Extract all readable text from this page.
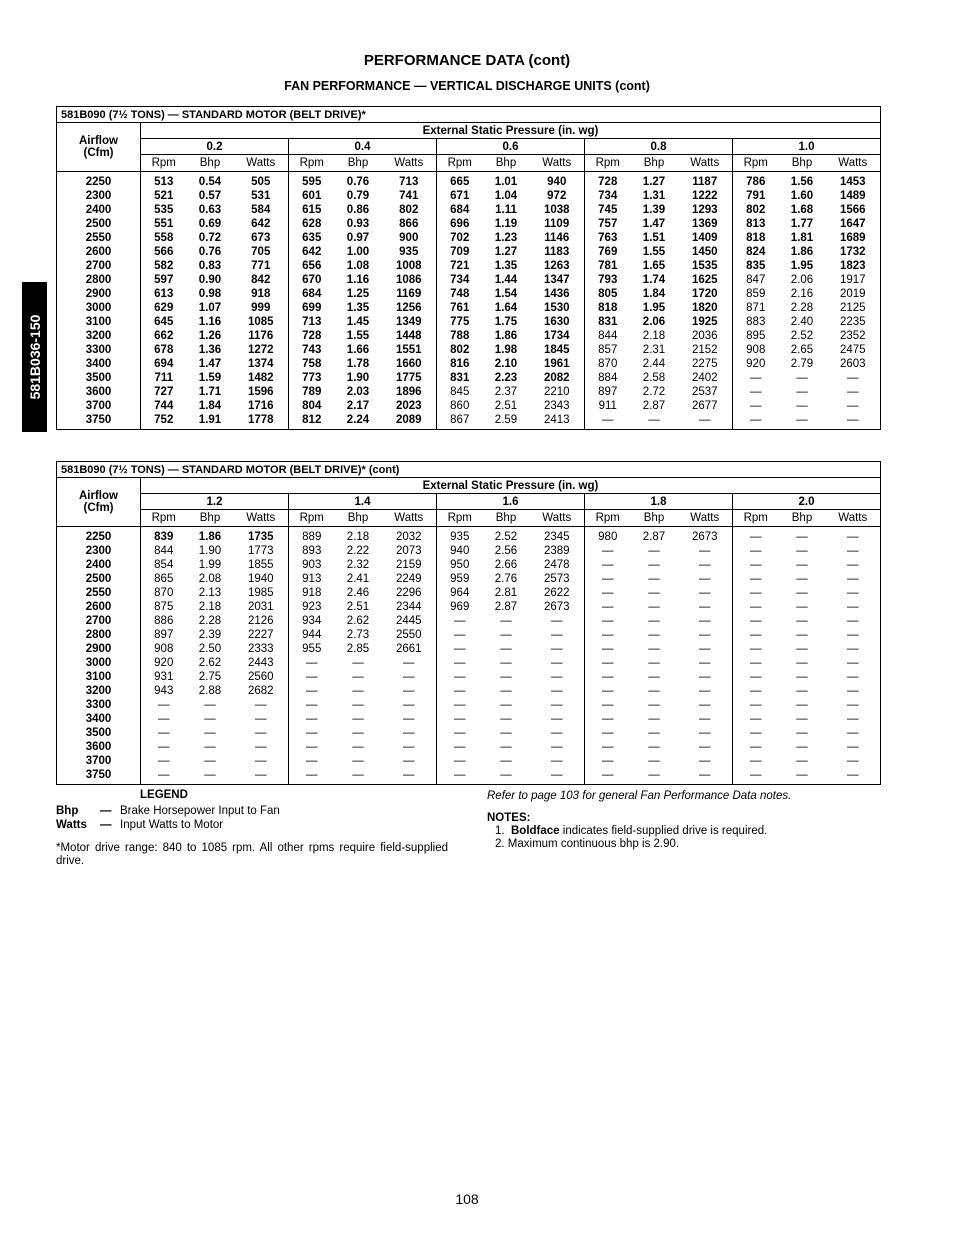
PERFORMANCE DATA (cont)
FAN PERFORMANCE — VERTICAL DISCHARGE UNITS (cont)
581B036-150
581B090 (7½ TONS) — STANDARD MOTOR (BELT DRIVE)*															

Airflow
(Cfm)	External Static Pressure (in. wg)														
	0.2			0.4			0.6			0.8			1.0		
	Rpm	Bhp	Watts	Rpm	Bhp	Watts	Rpm	Bhp	Watts	Rpm	Bhp	Watts	Rpm	Bhp	Watts
2250	513	0.54	505	595	0.76	713	665	1.01	940	728	1.27	1187	786	1.56	1453
2300	521	0.57	531	601	0.79	741	671	1.04	972	734	1.31	1222	791	1.60	1489
2400	535	0.63	584	615	0.86	802	684	1.11	1038	745	1.39	1293	802	1.68	1566
2500	551	0.69	642	628	0.93	866	696	1.19	1109	757	1.47	1369	813	1.77	1647
2550	558	0.72	673	635	0.97	900	702	1.23	1146	763	1.51	1409	818	1.81	1689
2600	566	0.76	705	642	1.00	935	709	1.27	1183	769	1.55	1450	824	1.86	1732
2700	582	0.83	771	656	1.08	1008	721	1.35	1263	781	1.65	1535	835	1.95	1823
2800	597	0.90	842	670	1.16	1086	734	1.44	1347	793	1.74	1625	847	2.06	1917
2900	613	0.98	918	684	1.25	1169	748	1.54	1436	805	1.84	1720	859	2.16	2019
3000	629	1.07	999	699	1.35	1256	761	1.64	1530	818	1.95	1820	871	2.28	2125
3100	645	1.16	1085	713	1.45	1349	775	1.75	1630	831	2.06	1925	883	2.40	2235
3200	662	1.26	1176	728	1.55	1448	788	1.86	1734	844	2.18	2036	895	2.52	2352
3300	678	1.36	1272	743	1.66	1551	802	1.98	1845	857	2.31	2152	908	2.65	2475
3400	694	1.47	1374	758	1.78	1660	816	2.10	1961	870	2.44	2275	920	2.79	2603
3500	711	1.59	1482	773	1.90	1775	831	2.23	2082	884	2.58	2402	—	—	—
3600	727	1.71	1596	789	2.03	1896	845	2.37	2210	897	2.72	2537	—	—	—
3700	744	1.84	1716	804	2.17	2023	860	2.51	2343	911	2.87	2677	—	—	—
3750	752	1.91	1778	812	2.24	2089	867	2.59	2413	—	—	—	—	—	—
581B090 (7½ TONS) — STANDARD MOTOR (BELT DRIVE)* (cont)															

Airflow
(Cfm)	External Static Pressure (in. wg)														
	1.2			1.4			1.6			1.8			2.0		
	Rpm	Bhp	Watts	Rpm	Bhp	Watts	Rpm	Bhp	Watts	Rpm	Bhp	Watts	Rpm	Bhp	Watts
2250	839	1.86	1735	889	2.18	2032	935	2.52	2345	980	2.87	2673	—	—	—
2300	844	1.90	1773	893	2.22	2073	940	2.56	2389	—	—	—	—	—	—
2400	854	1.99	1855	903	2.32	2159	950	2.66	2478	—	—	—	—	—	—
2500	865	2.08	1940	913	2.41	2249	959	2.76	2573	—	—	—	—	—	—
2550	870	2.13	1985	918	2.46	2296	964	2.81	2622	—	—	—	—	—	—
2600	875	2.18	2031	923	2.51	2344	969	2.87	2673	—	—	—	—	—	—
2700	886	2.28	2126	934	2.62	2445	—	—	—	—	—	—	—	—	—
2800	897	2.39	2227	944	2.73	2550	—	—	—	—	—	—	—	—	—
2900	908	2.50	2333	955	2.85	2661	—	—	—	—	—	—	—	—	—
3000	920	2.62	2443	—	—	—	—	—	—	—	—	—	—	—	—
3100	931	2.75	2560	—	—	—	—	—	—	—	—	—	—	—	—
3200	943	2.88	2682	—	—	—	—	—	—	—	—	—	—	—	—
3300	—	—	—	—	—	—	—	—	—	—	—	—	—	—	—
3400	—	—	—	—	—	—	—	—	—	—	—	—	—	—	—
3500	—	—	—	—	—	—	—	—	—	—	—	—	—	—	—
3600	—	—	—	—	—	—	—	—	—	—	—	—	—	—	—
3700	—	—	—	—	—	—	—	—	—	—	—	—	—	—	—
3750	—	—	—	—	—	—	—	—	—	—	—	—	—	—	—
LEGEND
Bhp — Brake Horsepower Input to Fan
Watts — Input Watts to Motor
*Motor drive range: 840 to 1085 rpm. All other rpms require field-supplied drive.
Refer to page 103 for general Fan Performance Data notes.
NOTES:
1. Boldface indicates field-supplied drive is required.
2. Maximum continuous bhp is 2.90.
108
